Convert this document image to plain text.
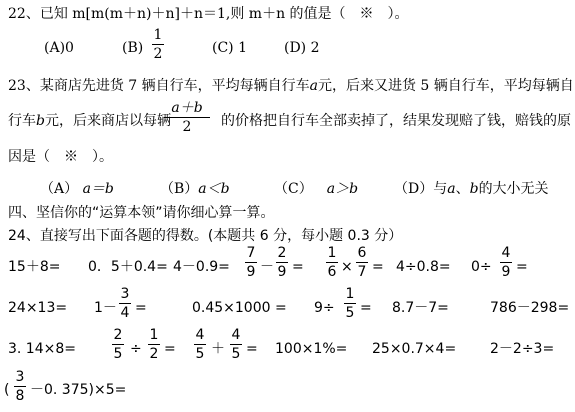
22、已知 m[m(m＋n)＋n]＋n＝1,则 m＋n 的值是（　※　）。
(A)0	(B)
1
2	(C) 1	(D) 2
23、某商店先进货 7 辆自行车，平均每辆自行车a元，后来又进货 5 辆自行车，平均每辆自
行车b元，后来商店以每辆	的价格把自行车全部卖掉了，结果发现赔了钱，赔钱的原
a＋b
2
因是（　※　）。
（A） a＝b	（B）a＜b	（C） a＞b	（D）与a、b的大小无关
四、坚信你的“运算本领”请你细心算一算。
24、直接写出下面各题的得数。(本题共 6 分，每小题 0.3 分）
15＋8= 0．5＋0.4= 4－0.9=
7
9 －
2
9 =
1
6 ×
6
7 = 4÷0.8= 0÷
4
9 =
24×13= 1－
3
4 =	0.45×1000 = 9÷
1
5 = 8.7－7=	786－298=
3. 14×8=
2
5 ÷
1
2 =
4
5 ＋
4
5 = 100×1%= 25×0.7×4= 2－2÷3=
(
3
8 －0. 375)×5=
